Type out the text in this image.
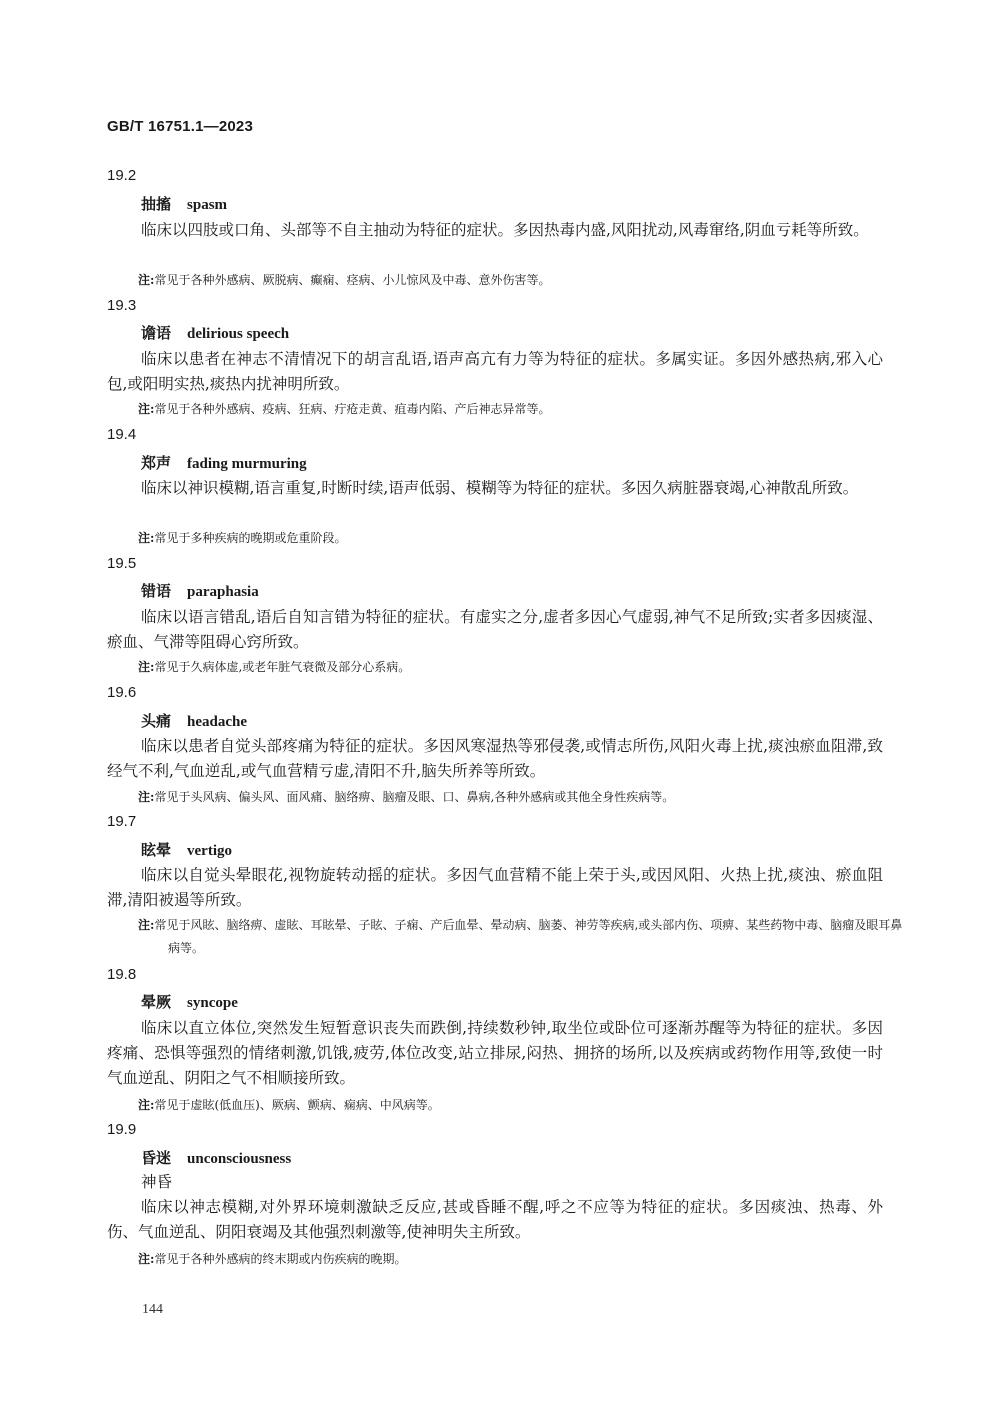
GB/T 16751.1—2023
19.2
抽搐 spasm
临床以四肢或口角、头部等不自主抽动为特征的症状。多因热毒内盛,风阳扰动,风毒窜络,阴血亏耗等所致。
注:常见于各种外感病、厥脱病、癫痫、痉病、小儿惊风及中毒、意外伤害等。
19.3
谵语 delirious speech
临床以患者在神志不清情况下的胡言乱语,语声高亢有力等为特征的症状。多属实证。多因外感热病,邪入心包,或阳明实热,痰热内扰神明所致。
注:常见于各种外感病、疫病、狂病、疔疮走黄、疽毒内陷、产后神志异常等。
19.4
郑声 fading murmuring
临床以神识模糊,语言重复,时断时续,语声低弱、模糊等为特征的症状。多因久病脏器衰竭,心神散乱所致。
注:常见于多种疾病的晚期或危重阶段。
19.5
错语 paraphasia
临床以语言错乱,语后自知言错为特征的症状。有虚实之分,虚者多因心气虚弱,神气不足所致;实者多因痰湿、瘀血、气滞等阻碍心窍所致。
注:常见于久病体虚,或老年脏气衰微及部分心系病。
19.6
头痛 headache
临床以患者自觉头部疼痛为特征的症状。多因风寒湿热等邪侵袭,或情志所伤,风阳火毒上扰,痰浊瘀血阻滞,致经气不利,气血逆乱,或气血营精亏虚,清阳不升,脑失所养等所致。
注:常见于头风病、偏头风、面风痛、脑络痹、脑瘤及眼、口、鼻病,各种外感病或其他全身性疾病等。
19.7
眩晕 vertigo
临床以自觉头晕眼花,视物旋转动摇的症状。多因气血营精不能上荣于头,或因风阳、火热上扰,痰浊、瘀血阻滞,清阳被遏等所致。
注:常见于风眩、脑络痹、虚眩、耳眩晕、子眩、子痫、产后血晕、晕动病、脑萎、神劳等疾病,或头部内伤、项痹、某些药物中毒、脑瘤及眼耳鼻病等。
19.8
晕厥 syncope
临床以直立体位,突然发生短暂意识丧失而跌倒,持续数秒钟,取坐位或卧位可逐渐苏醒等为特征的症状。多因疼痛、恐惧等强烈的情绪刺激,饥饿,疲劳,体位改变,站立排尿,闷热、拥挤的场所,以及疾病或药物作用等,致使一时气血逆乱、阴阳之气不相顺接所致。
注:常见于虚眩(低血压)、厥病、颤病、痫病、中风病等。
19.9
昏迷 unconsciousness
神昏
临床以神志模糊,对外界环境刺激缺乏反应,甚或昏睡不醒,呼之不应等为特征的症状。多因痰浊、热毒、外伤、气血逆乱、阴阳衰竭及其他强烈刺激等,使神明失主所致。
注:常见于各种外感病的终末期或内伤疾病的晚期。
144
